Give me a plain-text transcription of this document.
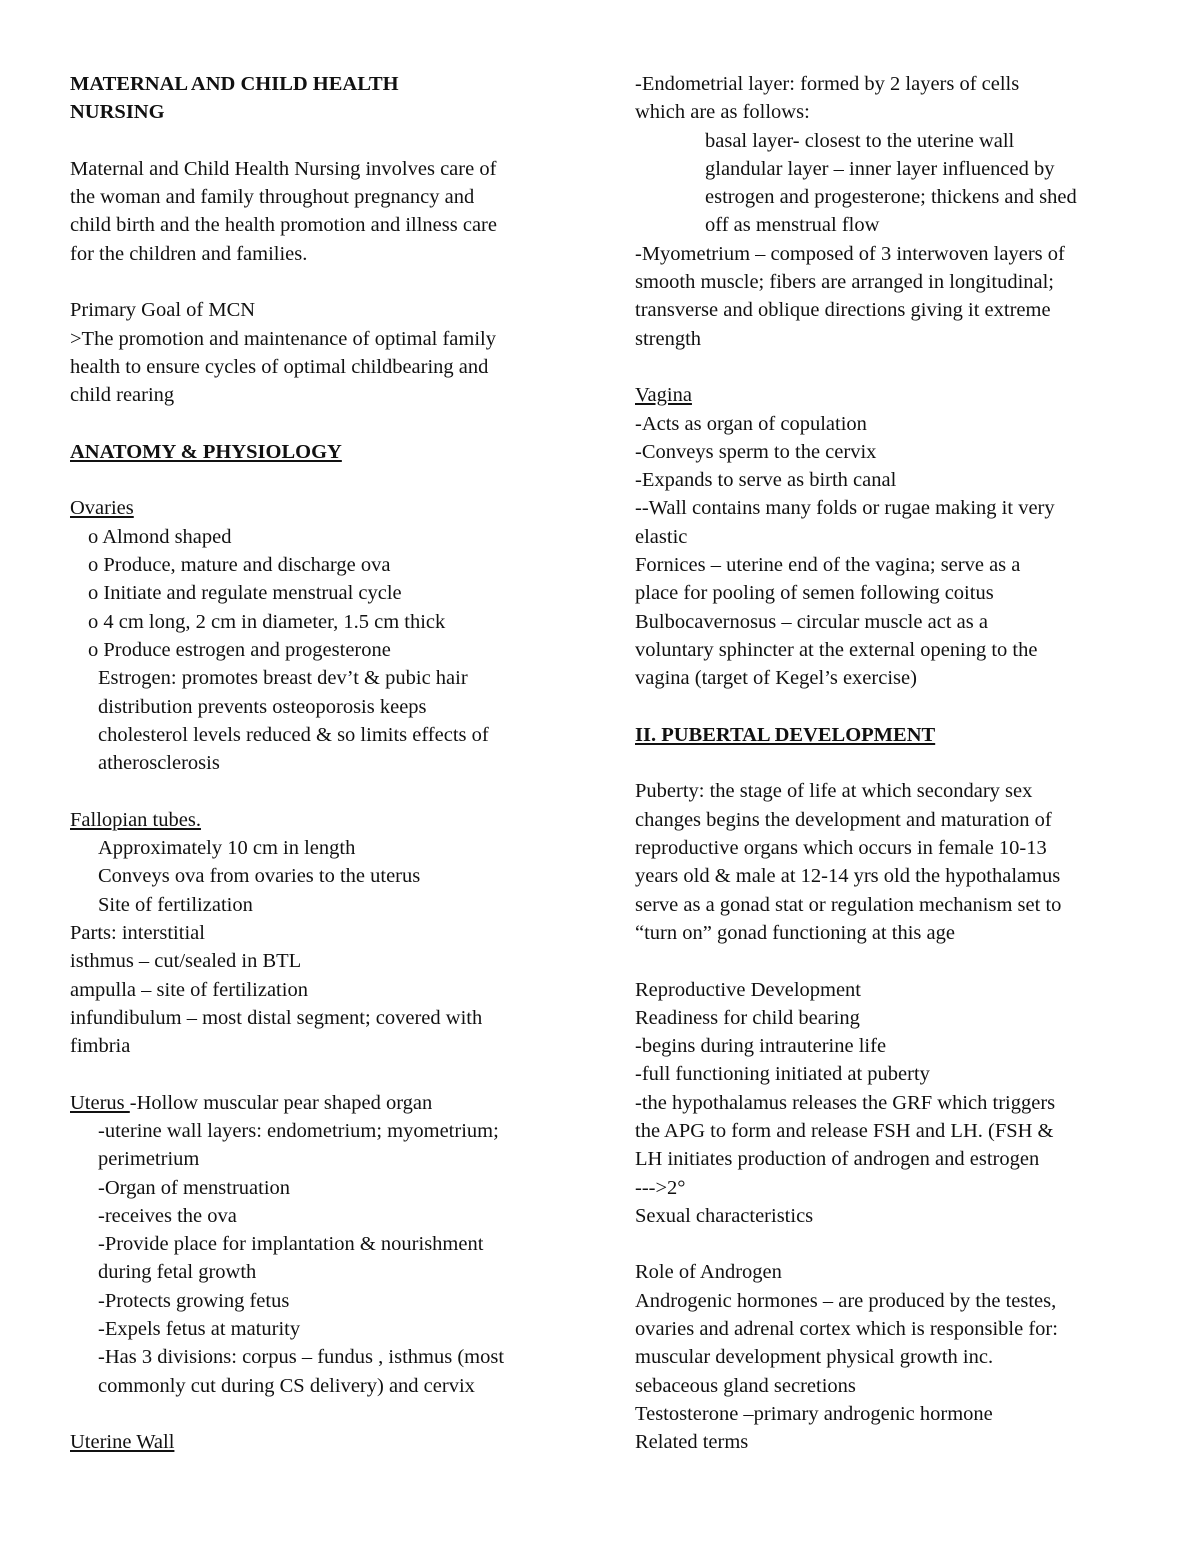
MATERNAL AND CHILD HEALTH
NURSING
Maternal and Child Health Nursing involves care of
the woman and family throughout pregnancy and
child birth and the health promotion and illness care
for the children and families.
Primary Goal of MCN
>The promotion and maintenance of optimal family
health to ensure cycles of optimal childbearing and
child rearing
ANATOMY & PHYSIOLOGY
Ovaries
o Almond shaped
o Produce, mature and discharge ova
o Initiate and regulate menstrual cycle
o 4 cm long, 2 cm in diameter, 1.5 cm thick
o Produce estrogen and progesterone
Estrogen: promotes breast dev’t & pubic hair
distribution prevents osteoporosis keeps
cholesterol levels reduced & so limits effects of
atherosclerosis
Fallopian tubes.
Approximately 10 cm in length
Conveys ova from ovaries to the uterus
Site of fertilization
Parts: interstitial
isthmus – cut/sealed in BTL
ampulla – site of fertilization
infundibulum – most distal segment; covered with
fimbria
Uterus -Hollow muscular pear shaped organ
-uterine wall layers: endometrium; myometrium;
perimetrium
-Organ of menstruation
-receives the ova
-Provide place for implantation & nourishment
during fetal growth
-Protects growing fetus
-Expels fetus at maturity
-Has 3 divisions: corpus – fundus , isthmus (most
commonly cut during CS delivery) and cervix
Uterine Wall
-Endometrial layer: formed by 2 layers of cells
which are as follows:
basal layer- closest to the uterine wall
glandular layer – inner layer influenced by
estrogen and progesterone; thickens and shed
off as menstrual flow
-Myometrium – composed of 3 interwoven layers of
smooth muscle; fibers are arranged in longitudinal;
transverse and oblique directions giving it extreme
strength
Vagina
-Acts as organ of copulation
-Conveys sperm to the cervix
-Expands to serve as birth canal
--Wall contains many folds or rugae making it very
elastic
Fornices – uterine end of the vagina; serve as a
place for pooling of semen following coitus
Bulbocavernosus – circular muscle act as a
voluntary sphincter at the external opening to the
vagina (target of Kegel’s exercise)
II. PUBERTAL DEVELOPMENT
Puberty: the stage of life at which secondary sex
changes begins the development and maturation of
reproductive organs which occurs in female 10-13
years old & male at 12-14 yrs old the hypothalamus
serve as a gonad stat or regulation mechanism set to
“turn on” gonad functioning at this age
Reproductive Development
Readiness for child bearing
-begins during intrauterine life
-full functioning initiated at puberty
-the hypothalamus releases the GRF which triggers
the APG to form and release FSH and LH. (FSH &
LH initiates production of androgen and estrogen
--->2°
Sexual characteristics
Role of Androgen
Androgenic hormones – are produced by the testes,
ovaries and adrenal cortex which is responsible for:
muscular development physical growth inc.
sebaceous gland secretions
Testosterone –primary androgenic hormone
Related terms
